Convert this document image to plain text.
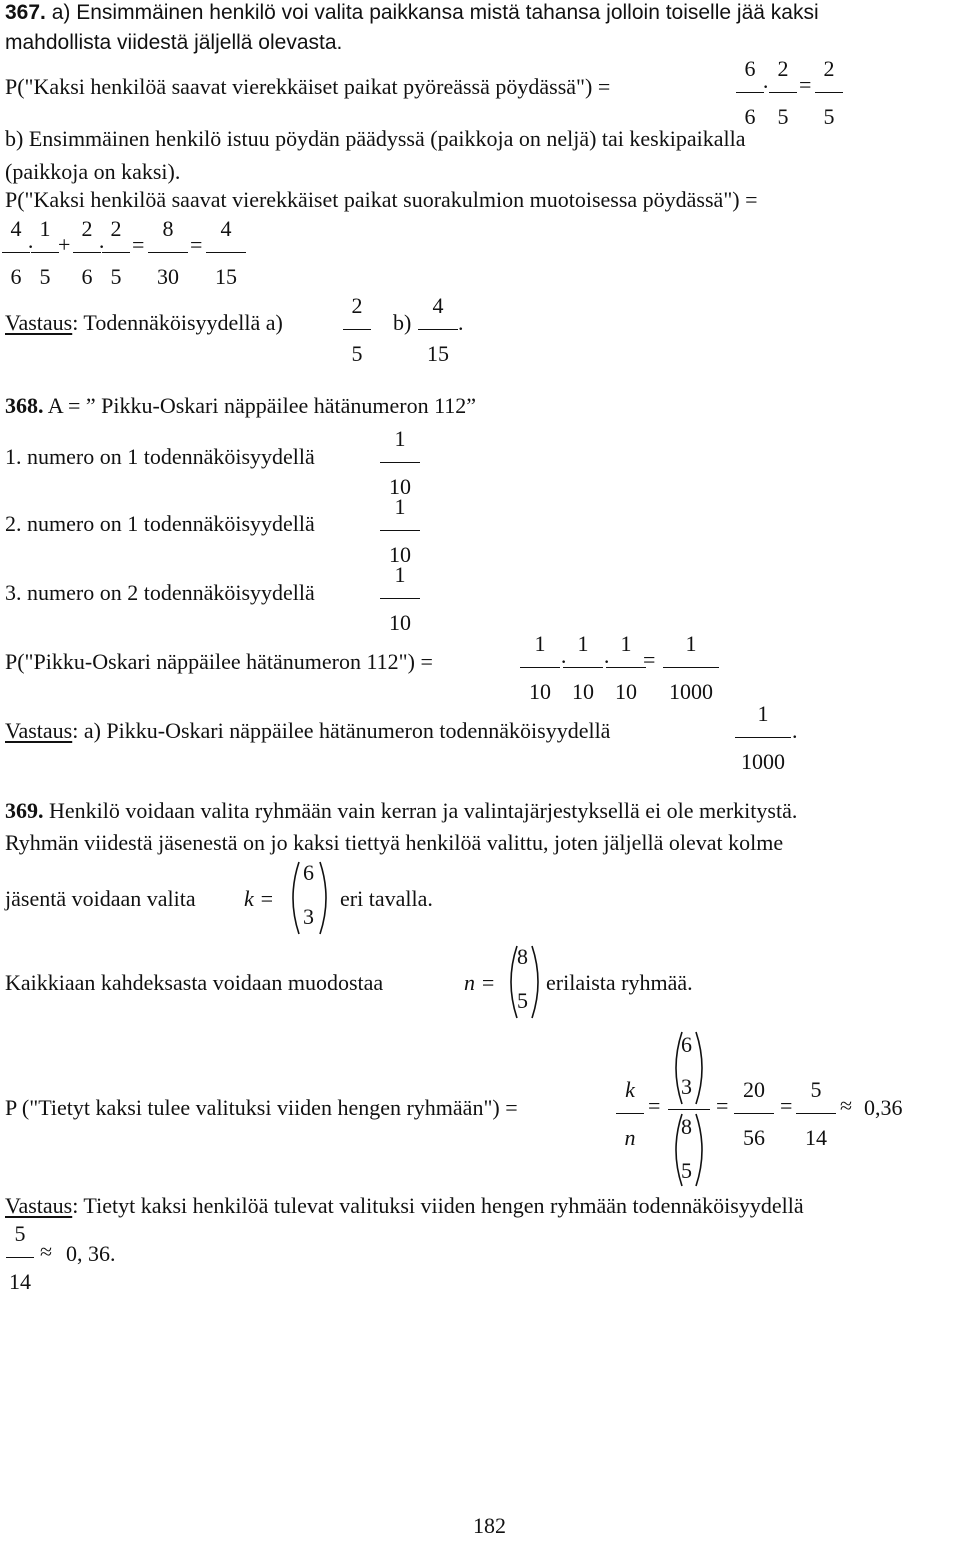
367. a) Ensimmäinen henkilö voi valita paikkansa mistä tahansa jolloin toiselle jää kaksi
mahdollista viidestä jäljellä olevasta.
P("Kaksi henkilöä saavat vierekkäiset paikat pyöreässä pöydässä") =
6
6
·
2
5
=
2
5
b) Ensimmäinen henkilö istuu pöydän päädyssä (paikkoja on neljä) tai keskipaikalla
(paikkoja on kaksi).
P("Kaksi henkilöä saavat vierekkäiset paikat suorakulmion muotoisessa pöydässä") =
4
6
·
1
5
+
2
6
·
2
5
=
8
30
=
4
15
Vastaus: Todennäköisyydellä a)
2
5
b)
4
15
.
368. A = ” Pikku-Oskari näppäilee hätänumeron 112”
1. numero on 1 todennäköisyydellä
1
10
2. numero on 1 todennäköisyydellä
1
10
3. numero on 2 todennäköisyydellä
1
10
P("Pikku-Oskari näppäilee hätänumeron 112") =
1
10
·
1
10
·
1
10
=
1
1000
Vastaus: a) Pikku-Oskari näppäilee hätänumeron todennäköisyydellä
1
1000
.
369. Henkilö voidaan valita ryhmään vain kerran ja valintajärjestyksellä ei ole merkitystä.
Ryhmän viidestä jäsenestä on jo kaksi tiettyä henkilöä valittu, joten jäljellä olevat kolme
jäsentä voidaan valita k =
6
3
eri tavalla.
Kaikkiaan kahdeksasta voidaan muodostaa	n =
8
5
erilaista ryhmää.
P ("Tietyt kaksi tulee valituksi viiden hengen ryhmään") =
k
n
=
6
3
8
5
=
20
56
=
5
14
≈ 0,36
Vastaus: Tietyt kaksi henkilöä tulevat valituksi viiden hengen ryhmään todennäköisyydellä
5
14
≈ 0, 36.
182
